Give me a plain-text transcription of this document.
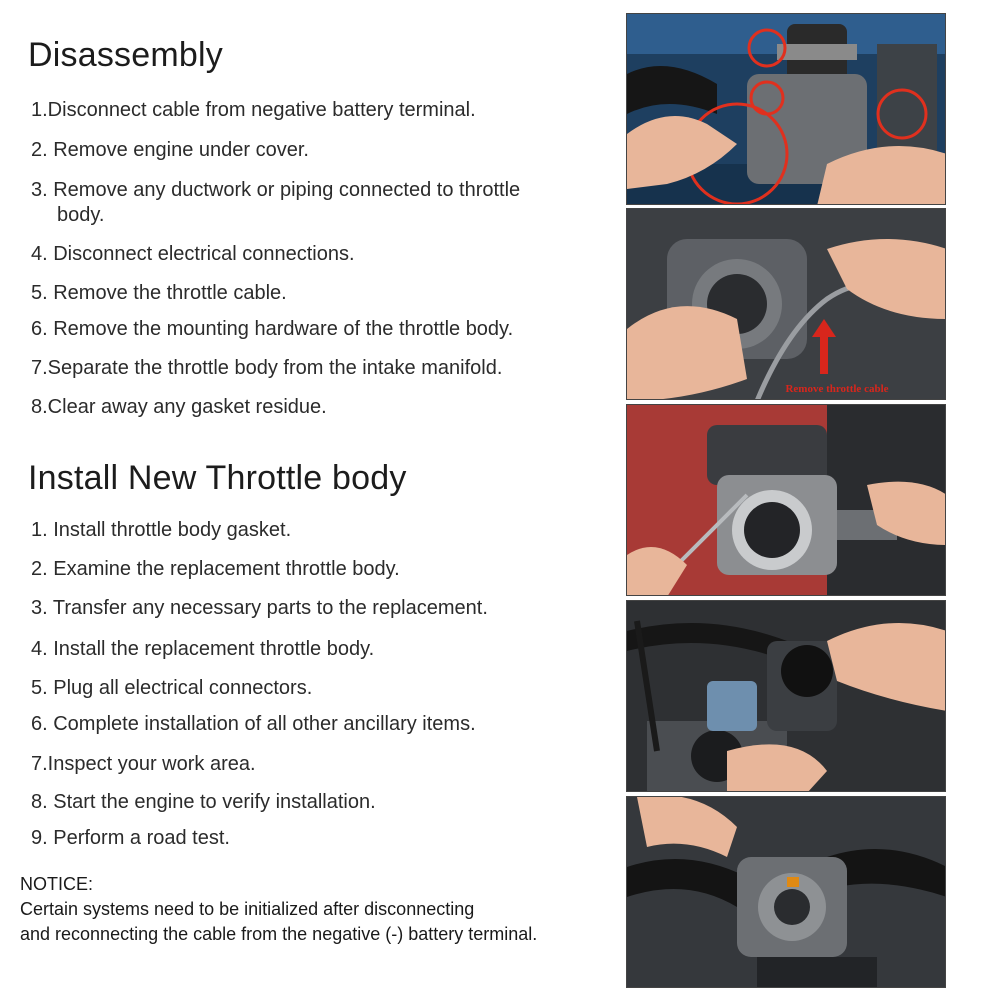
Disassembly
1.Disconnect cable from negative battery terminal.
2. Remove engine under cover.
3. Remove any ductwork or piping connected to throttle
body.
4. Disconnect electrical connections.
5. Remove the throttle cable.
6. Remove the mounting hardware of the throttle body.
7.Separate the throttle body from the intake manifold.
8.Clear away any gasket residue.
Install New Throttle body
1. Install throttle body gasket.
2. Examine the replacement throttle body.
3. Transfer any necessary parts to the replacement.
4. Install the replacement throttle body.
5. Plug all electrical connectors.
6. Complete installation of all other ancillary items.
7.Inspect your work area.
8. Start the engine to verify installation.
9. Perform a road test.
NOTICE:
Certain systems need to be initialized after disconnecting
and reconnecting the cable from the negative (-) battery terminal.
Remove throttle cable
